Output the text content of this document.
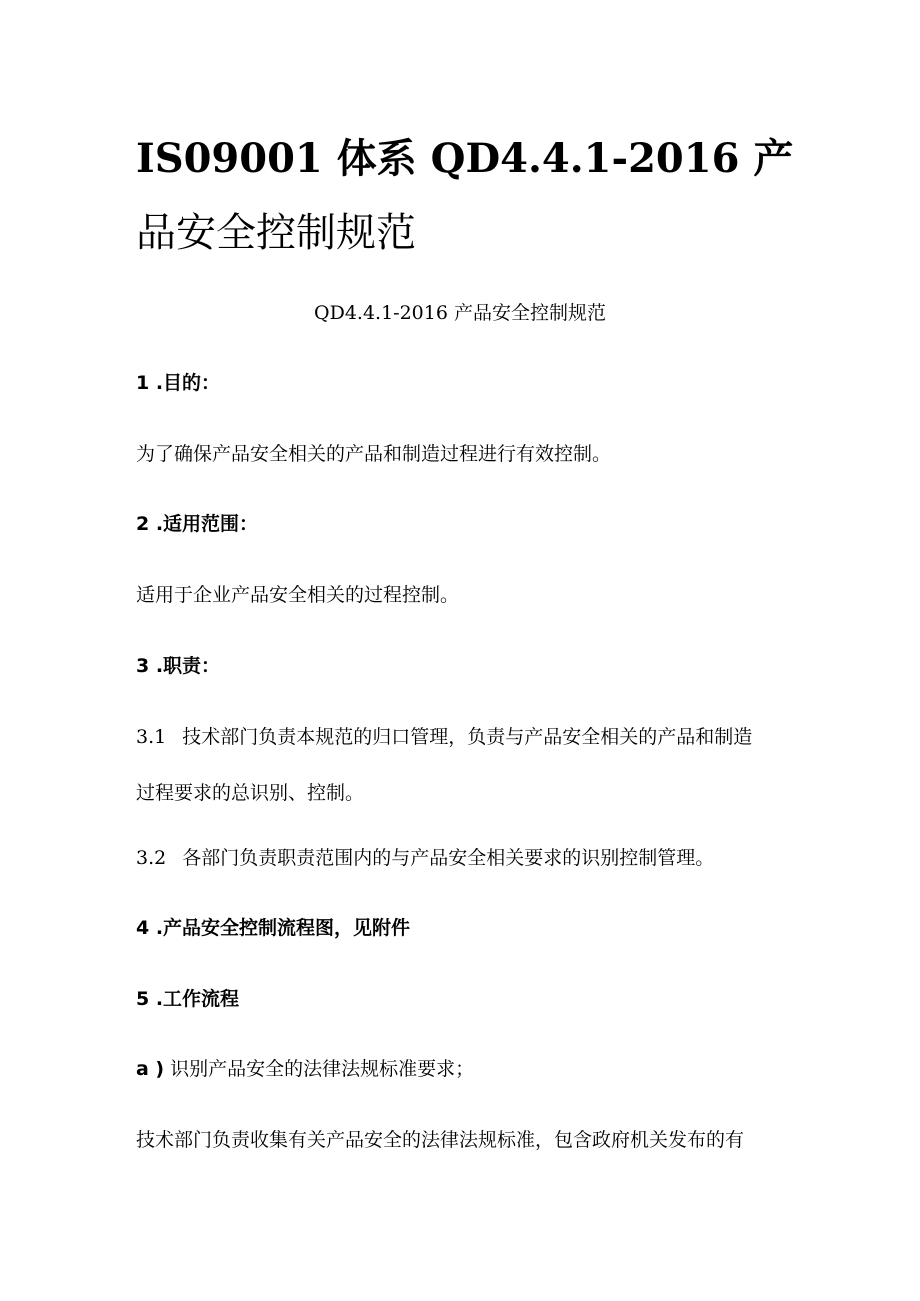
IS09001 体系 QD4.4.1-2016 产
品安全控制规范
QD4.4.1-2016 产品安全控制规范
1 .目的：
为了确保产品安全相关的产品和制造过程进行有效控制。
2 .适用范围：
适用于企业产品安全相关的过程控制。
3 .职责：
3.1 技术部门负责本规范的归口管理，负责与产品安全相关的产品和制造
过程要求的总识别、控制。
3.2 各部门负责职责范围内的与产品安全相关要求的识别控制管理。
4 .产品安全控制流程图，见附件
5 .工作流程
a ) 识别产品安全的法律法规标准要求；
技术部门负责收集有关产品安全的法律法规标准，包含政府机关发布的有
